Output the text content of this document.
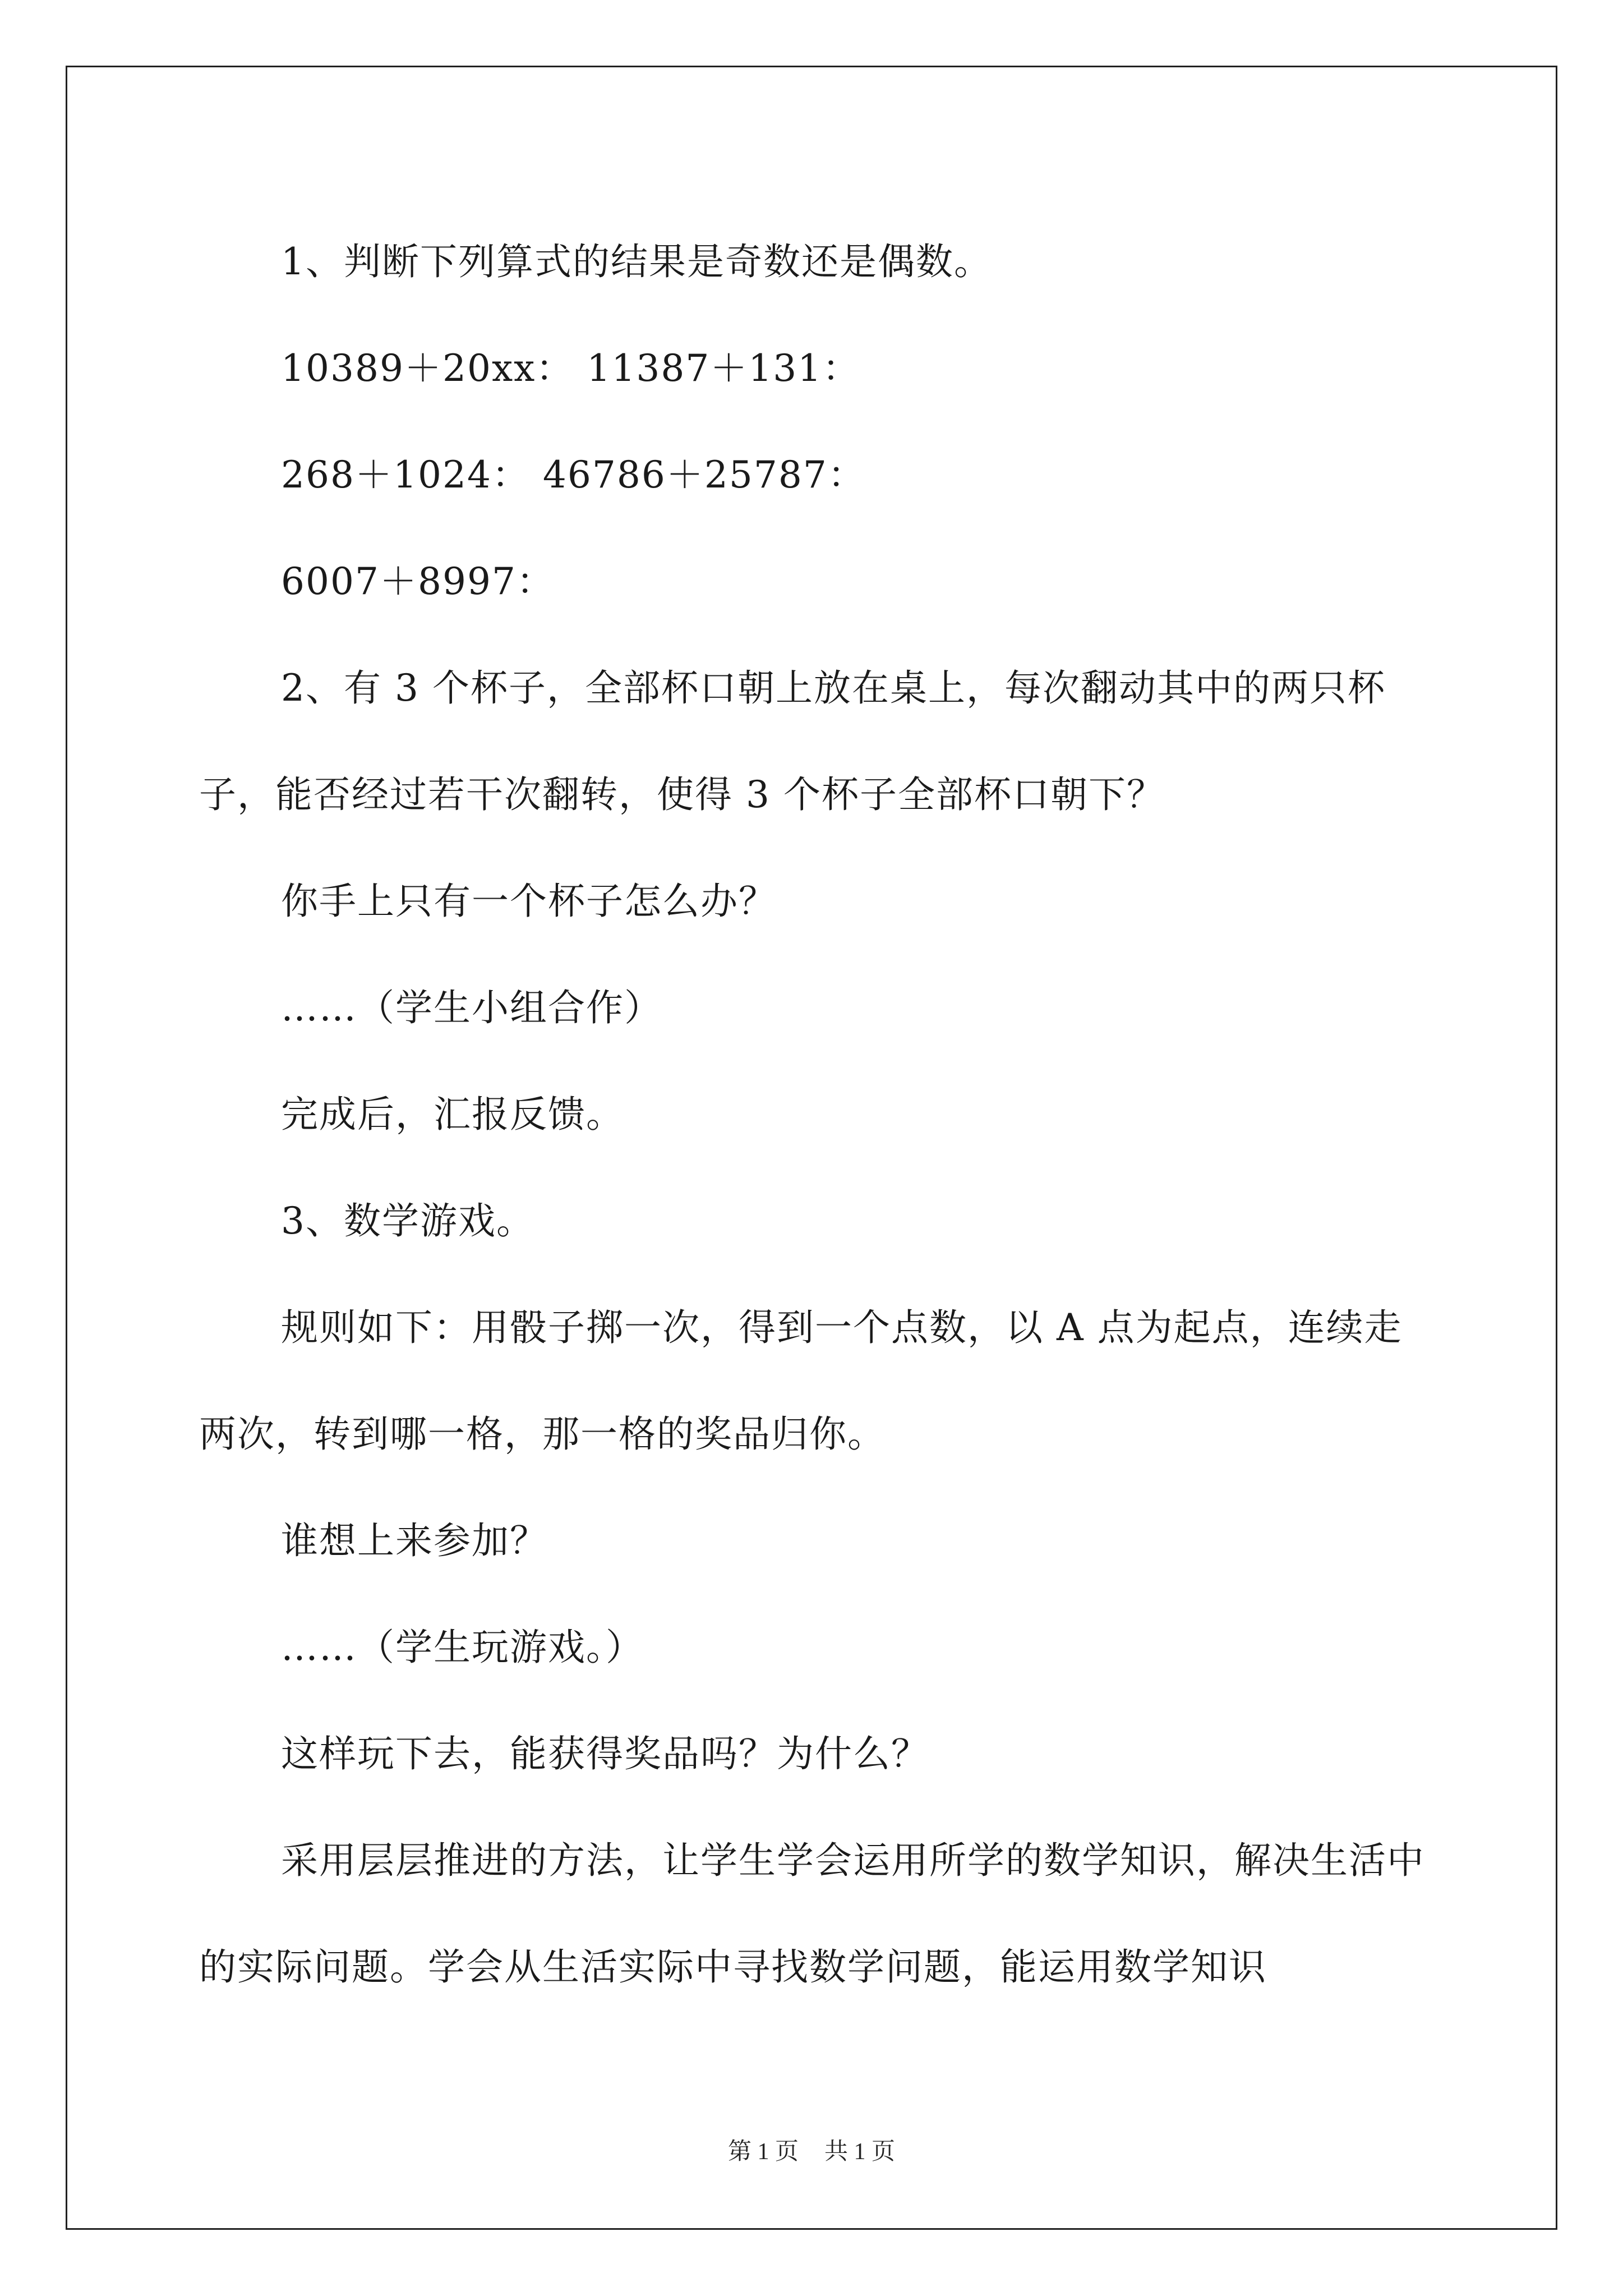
1、判断下列算式的结果是奇数还是偶数。

10389＋20xx： 11387＋131：

268＋1024： 46786＋25787：

6007＋8997：

2、有 3 个杯子，全部杯口朝上放在桌上，每次翻动其中的两只杯子，能否经过若干次翻转，使得 3 个杯子全部杯口朝下？

你手上只有一个杯子怎么办？

……（学生小组合作）

完成后，汇报反馈。

3、数学游戏。

规则如下：用骰子掷一次，得到一个点数，以 A 点为起点，连续走两次，转到哪一格，那一格的奖品归你。

谁想上来参加？

……（学生玩游戏。）

这样玩下去，能获得奖品吗？为什么？

采用层层推进的方法，让学生学会运用所学的数学知识，解决生活中的实际问题。学会从生活实际中寻找数学问题，能运用数学知识

第 1 页 共 1 页
